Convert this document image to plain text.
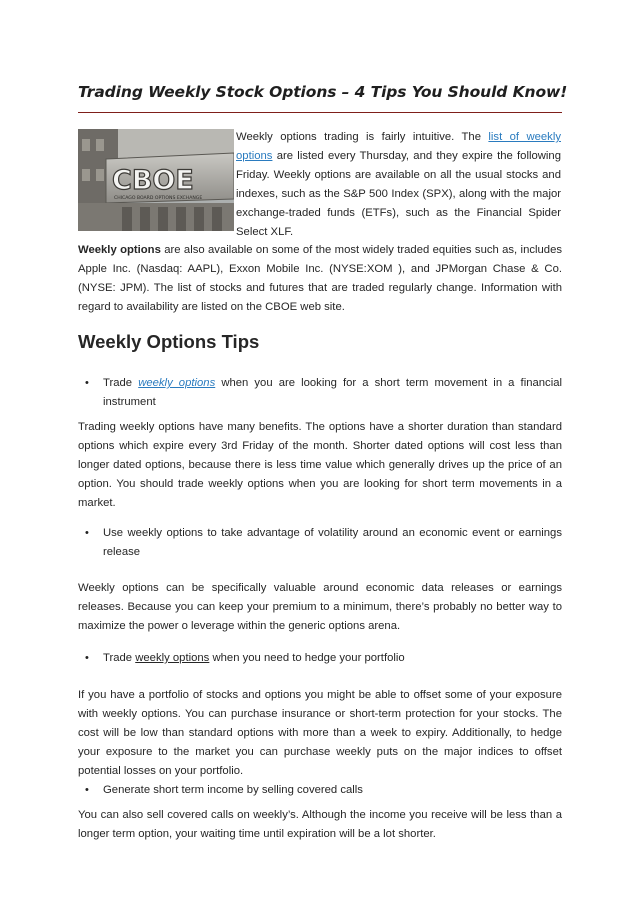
Trading Weekly Stock Options – 4 Tips You Should Know!
CBOE
CHICAGO BOARD OPTIONS EXCHANGE

Weekly options trading is fairly intuitive. The list of weekly options are listed every Thursday, and they expire the following Friday. Weekly options are available on all the usual stocks and indexes, such as the S&P 500 Index (SPX), along with the major exchange-traded funds (ETFs), such as the Financial Spider Select XLF.

Weekly options are also available on some of the most widely traded equities such as, includes Apple Inc. (Nasdaq: AAPL), Exxon Mobile Inc. (NYSE:XOM ), and JPMorgan Chase & Co. (NYSE: JPM). The list of stocks and futures that are traded regularly change. Information with regard to availability are listed on the CBOE web site.

Weekly Options Tips
• Trade weekly options when you are looking for a short term movement in a financial instrument

Trading weekly options have many benefits. The options have a shorter duration than standard options which expire every 3rd Friday of the month. Shorter dated options will cost less than longer dated options, because there is less time value which generally drives up the price of an option. You should trade weekly options when you are looking for short term movements in a market.

• Use weekly options to take advantage of volatility around an economic event or earnings release

Weekly options can be specifically valuable around economic data releases or earnings releases. Because you can keep your premium to a minimum, there’s probably no better way to maximize the power o leverage within the generic options arena.

• Trade weekly options when you need to hedge your portfolio

If you have a portfolio of stocks and options you might be able to offset some of your exposure with weekly options. You can purchase insurance or short-term protection for your stocks. The cost will be low than standard options with more than a week to expiry. Additionally, to hedge your exposure to the market you can purchase weekly puts on the major indices to offset potential losses on your portfolio.

• Generate short term income by selling covered calls

You can also sell covered calls on weekly’s. Although the income you receive will be less than a longer term option, your waiting time until expiration will be a lot shorter.
